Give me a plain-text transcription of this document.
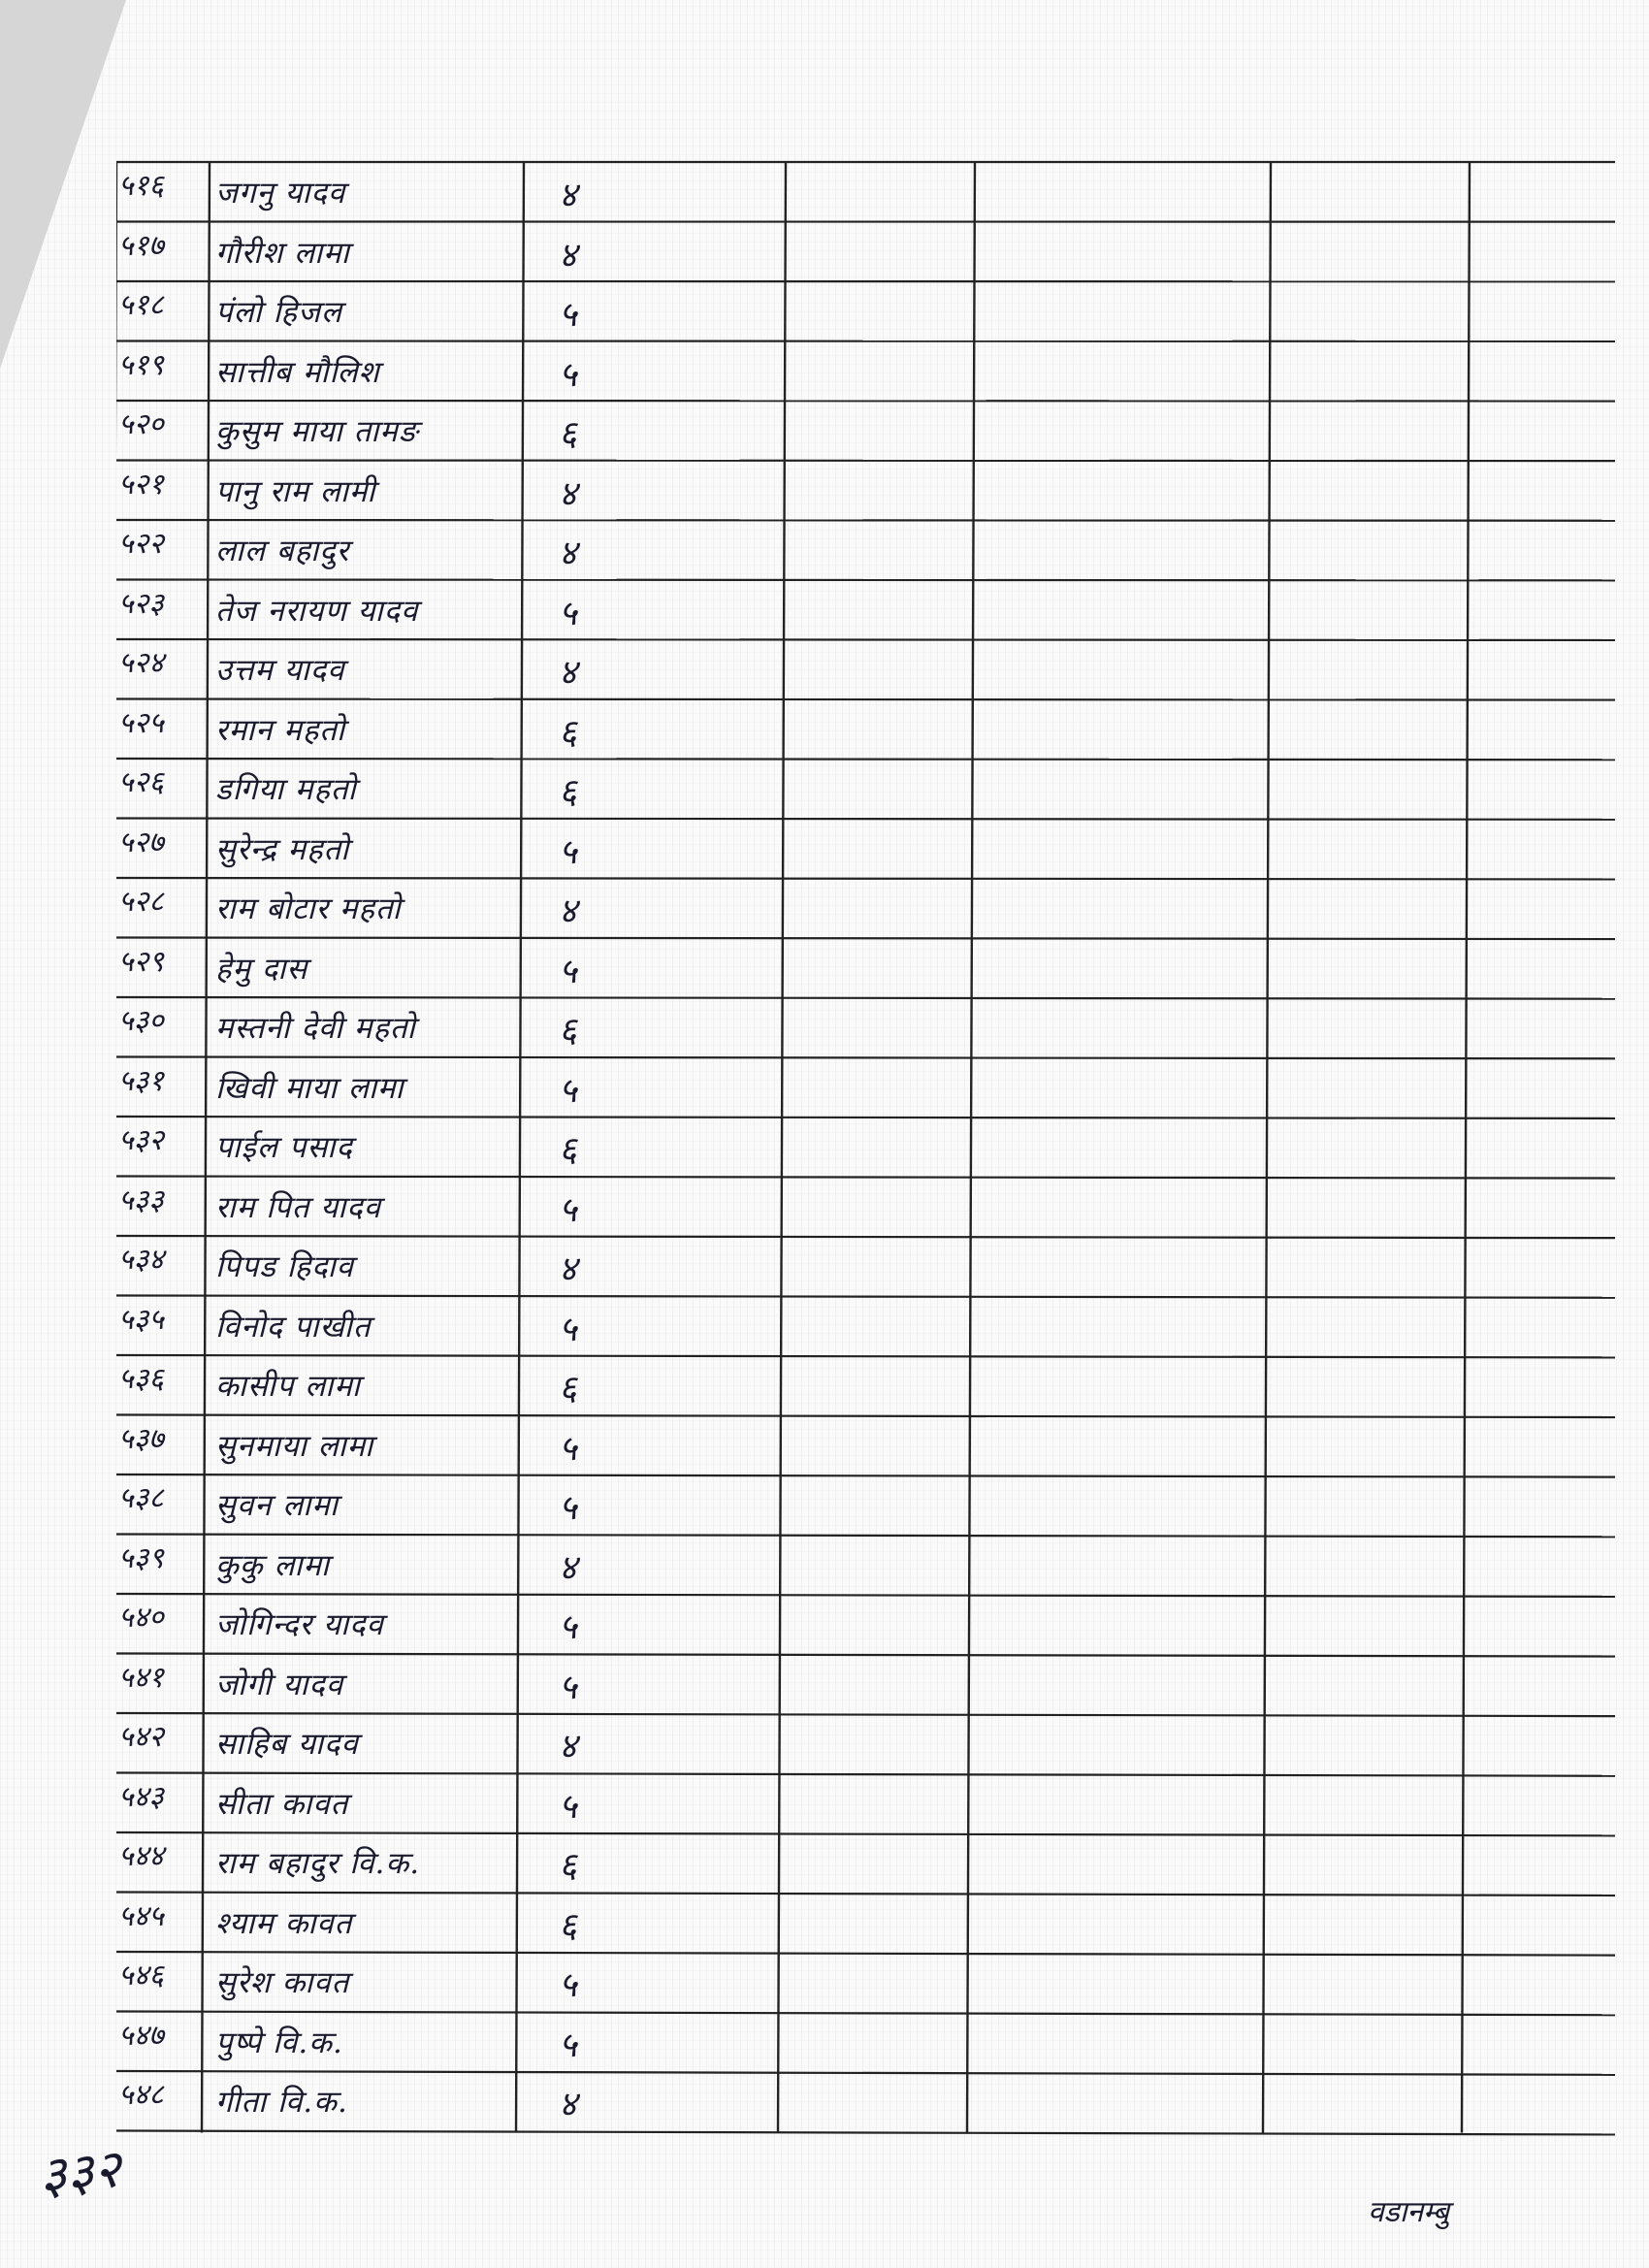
५१६	जगनु यादव	४
५१७	गौरीश लामा	४
५१८	पंलो हिजल	५
५१९	सात्तीब मौलिश	५
५२०	कुसुम माया तामङ	६
५२१	पानु राम लामी	४
५२२	लाल बहादुर	४
५२३	तेज नरायण यादव	५
५२४	उत्तम यादव	४
५२५	रमान महतो	६
५२६	डगिया महतो	६
५२७	सुरेन्द्र महतो	५
५२८	राम बोटार महतो	४
५२९	हेमु दास	५
५३०	मस्तनी देवी महतो	६
५३१	खिवी माया लामा	५
५३२	पाईल पसाद	६
५३३	राम पित यादव	५
५३४	पिपड हिदाव	४
५३५	विनोद पाखीत	५
५३६	कासीप लामा	६
५३७	सुनमाया लामा	५
५३८	सुवन लामा	५
५३९	कुकु लामा	४
५४०	जोगिन्दर यादव	५
५४१	जोगी यादव	५
५४२	साहिब यादव	४
५४३	सीता कावत	५
५४४	राम बहादुर वि.क.	६
५४५	श्याम कावत	६
५४६	सुरेश कावत	५
५४७	पुष्पे वि.क.	५
५४८	गीता वि.क.	४
३३२
वडानम्बु
